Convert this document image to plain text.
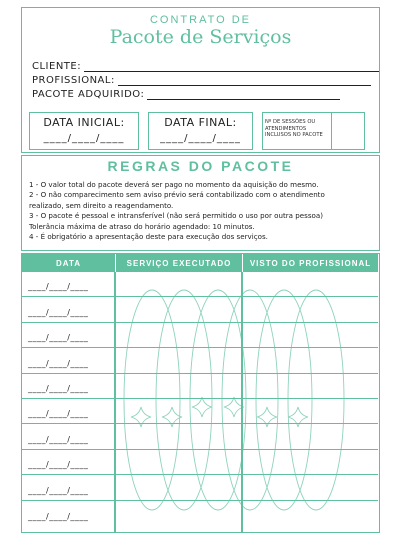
CONTRATO DE
Pacote de Serviços
CLIENTE:
PROFISSIONAL:
PACOTE ADQUIRIDO:
DATA INICIAL:
____/____/____
DATA FINAL:
____/____/____
Nº DE SESSÕES OU ATENDIMENTOS INCLUSOS NO PACOTE
REGRAS DO PACOTE
1 - O valor total do pacote deverá ser pago no momento da aquisição do mesmo.
2 - O não comparecimento sem aviso prévio será contabilizado com o atendimento
realizado, sem direito a reagendamento.
3 - O pacote é pessoal e intransferível (não será permitido o uso por outra pessoa)
Tolerância máxima de atraso do horário agendado: 10 minutos.
4 - É obrigatório a apresentação deste para execução dos serviços.
DATA	SERVIÇO EXECUTADO	VISTO DO PROFISSIONAL
____/____/____
____/____/____
____/____/____
____/____/____
____/____/____
____/____/____
____/____/____
____/____/____
____/____/____
____/____/____
